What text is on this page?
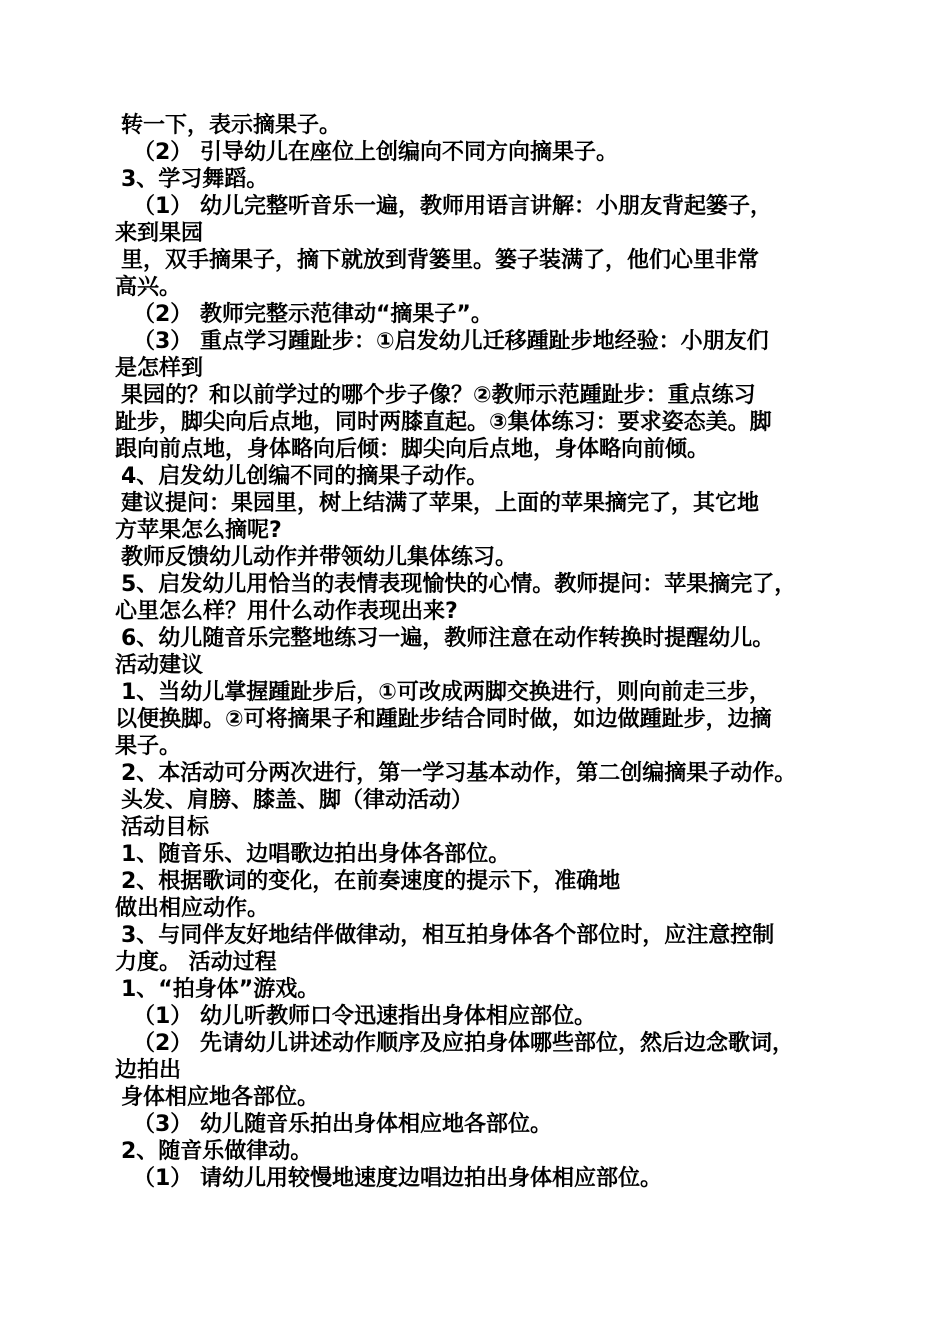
转一下，表示摘果子。
（2） 引导幼儿在座位上创编向不同方向摘果子。
3、学习舞蹈。
（1） 幼儿完整听音乐一遍，教师用语言讲解：小朋友背起篓子，
来到果园
里，双手摘果子，摘下就放到背篓里。篓子装满了，他们心里非常
高兴。
（2） 教师完整示范律动“摘果子”。
（3） 重点学习踵趾步：①启发幼儿迁移踵趾步地经验：小朋友们
是怎样到
果园的？和以前学过的哪个步子像？②教师示范踵趾步：重点练习
趾步，脚尖向后点地，同时两膝直起。③集体练习：要求姿态美。脚
跟向前点地，身体略向后倾：脚尖向后点地，身体略向前倾。
4、启发幼儿创编不同的摘果子动作。
建议提问：果园里，树上结满了苹果，上面的苹果摘完了，其它地
方苹果怎么摘呢?
教师反馈幼儿动作并带领幼儿集体练习。
5、启发幼儿用恰当的表情表现愉快的心情。教师提问：苹果摘完了，
心里怎么样？用什么动作表现出来?
6、幼儿随音乐完整地练习一遍，教师注意在动作转换时提醒幼儿。
活动建议
1、当幼儿掌握踵趾步后，①可改成两脚交换进行，则向前走三步，
以便换脚。②可将摘果子和踵趾步结合同时做，如边做踵趾步，边摘
果子。
2、本活动可分两次进行，第一学习基本动作，第二创编摘果子动作。
头发、肩膀、膝盖、脚（律动活动）
活动目标
1、随音乐、边唱歌边拍出身体各部位。
2、根据歌词的变化，在前奏速度的提示下，准确地
做出相应动作。
3、与同伴友好地结伴做律动，相互拍身体各个部位时，应注意控制
力度。 活动过程
1、“拍身体”游戏。
（1） 幼儿听教师口令迅速指出身体相应部位。
（2） 先请幼儿讲述动作顺序及应拍身体哪些部位，然后边念歌词，
边拍出
身体相应地各部位。
（3） 幼儿随音乐拍出身体相应地各部位。
2、随音乐做律动。
（1） 请幼儿用较慢地速度边唱边拍出身体相应部位。
